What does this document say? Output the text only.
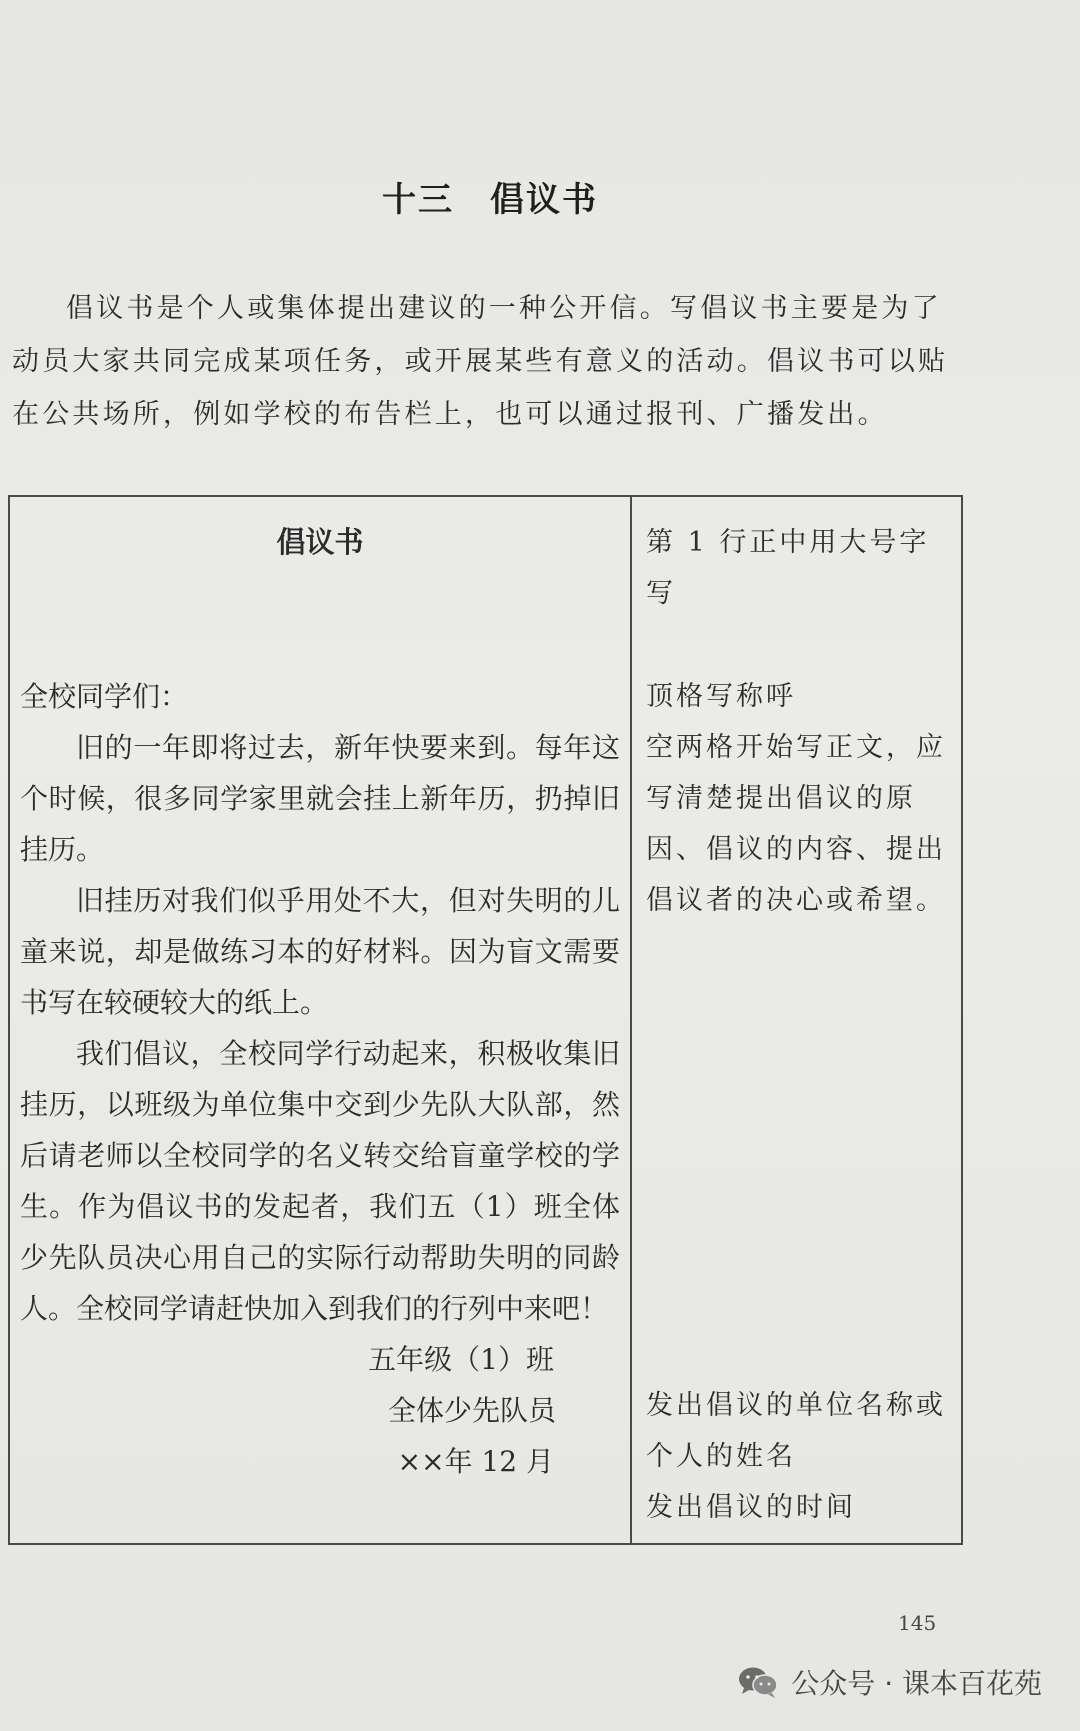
十三 倡议书

倡议书是个人或集体提出建议的一种公开信。写倡议书主要是为了动员大家共同完成某项任务，或开展某些有意义的活动。倡议书可以贴在公共场所，例如学校的布告栏上，也可以通过报刊、广播发出。

倡议书

全校同学们：

旧的一年即将过去，新年快要来到。每年这个时候，很多同学家里就会挂上新年历，扔掉旧挂历。

旧挂历对我们似乎用处不大，但对失明的儿童来说，却是做练习本的好材料。因为盲文需要书写在较硬较大的纸上。

我们倡议，全校同学行动起来，积极收集旧挂历，以班级为单位集中交到少先队大队部，然后请老师以全校同学的名义转交给盲童学校的学生。作为倡议书的发起者，我们五（1）班全体少先队员决心用自己的实际行动帮助失明的同龄人。全校同学请赶快加入到我们的行列中来吧！

五年级（1）班

全体少先队员

××年 12 月

第 1 行正中用大号字写

顶格写称呼

空两格开始写正文，应写清楚提出倡议的原因、倡议的内容、提出倡议者的决心或希望。

发出倡议的单位名称或个人的姓名

发出倡议的时间

145
公众号 · 课本百花苑
